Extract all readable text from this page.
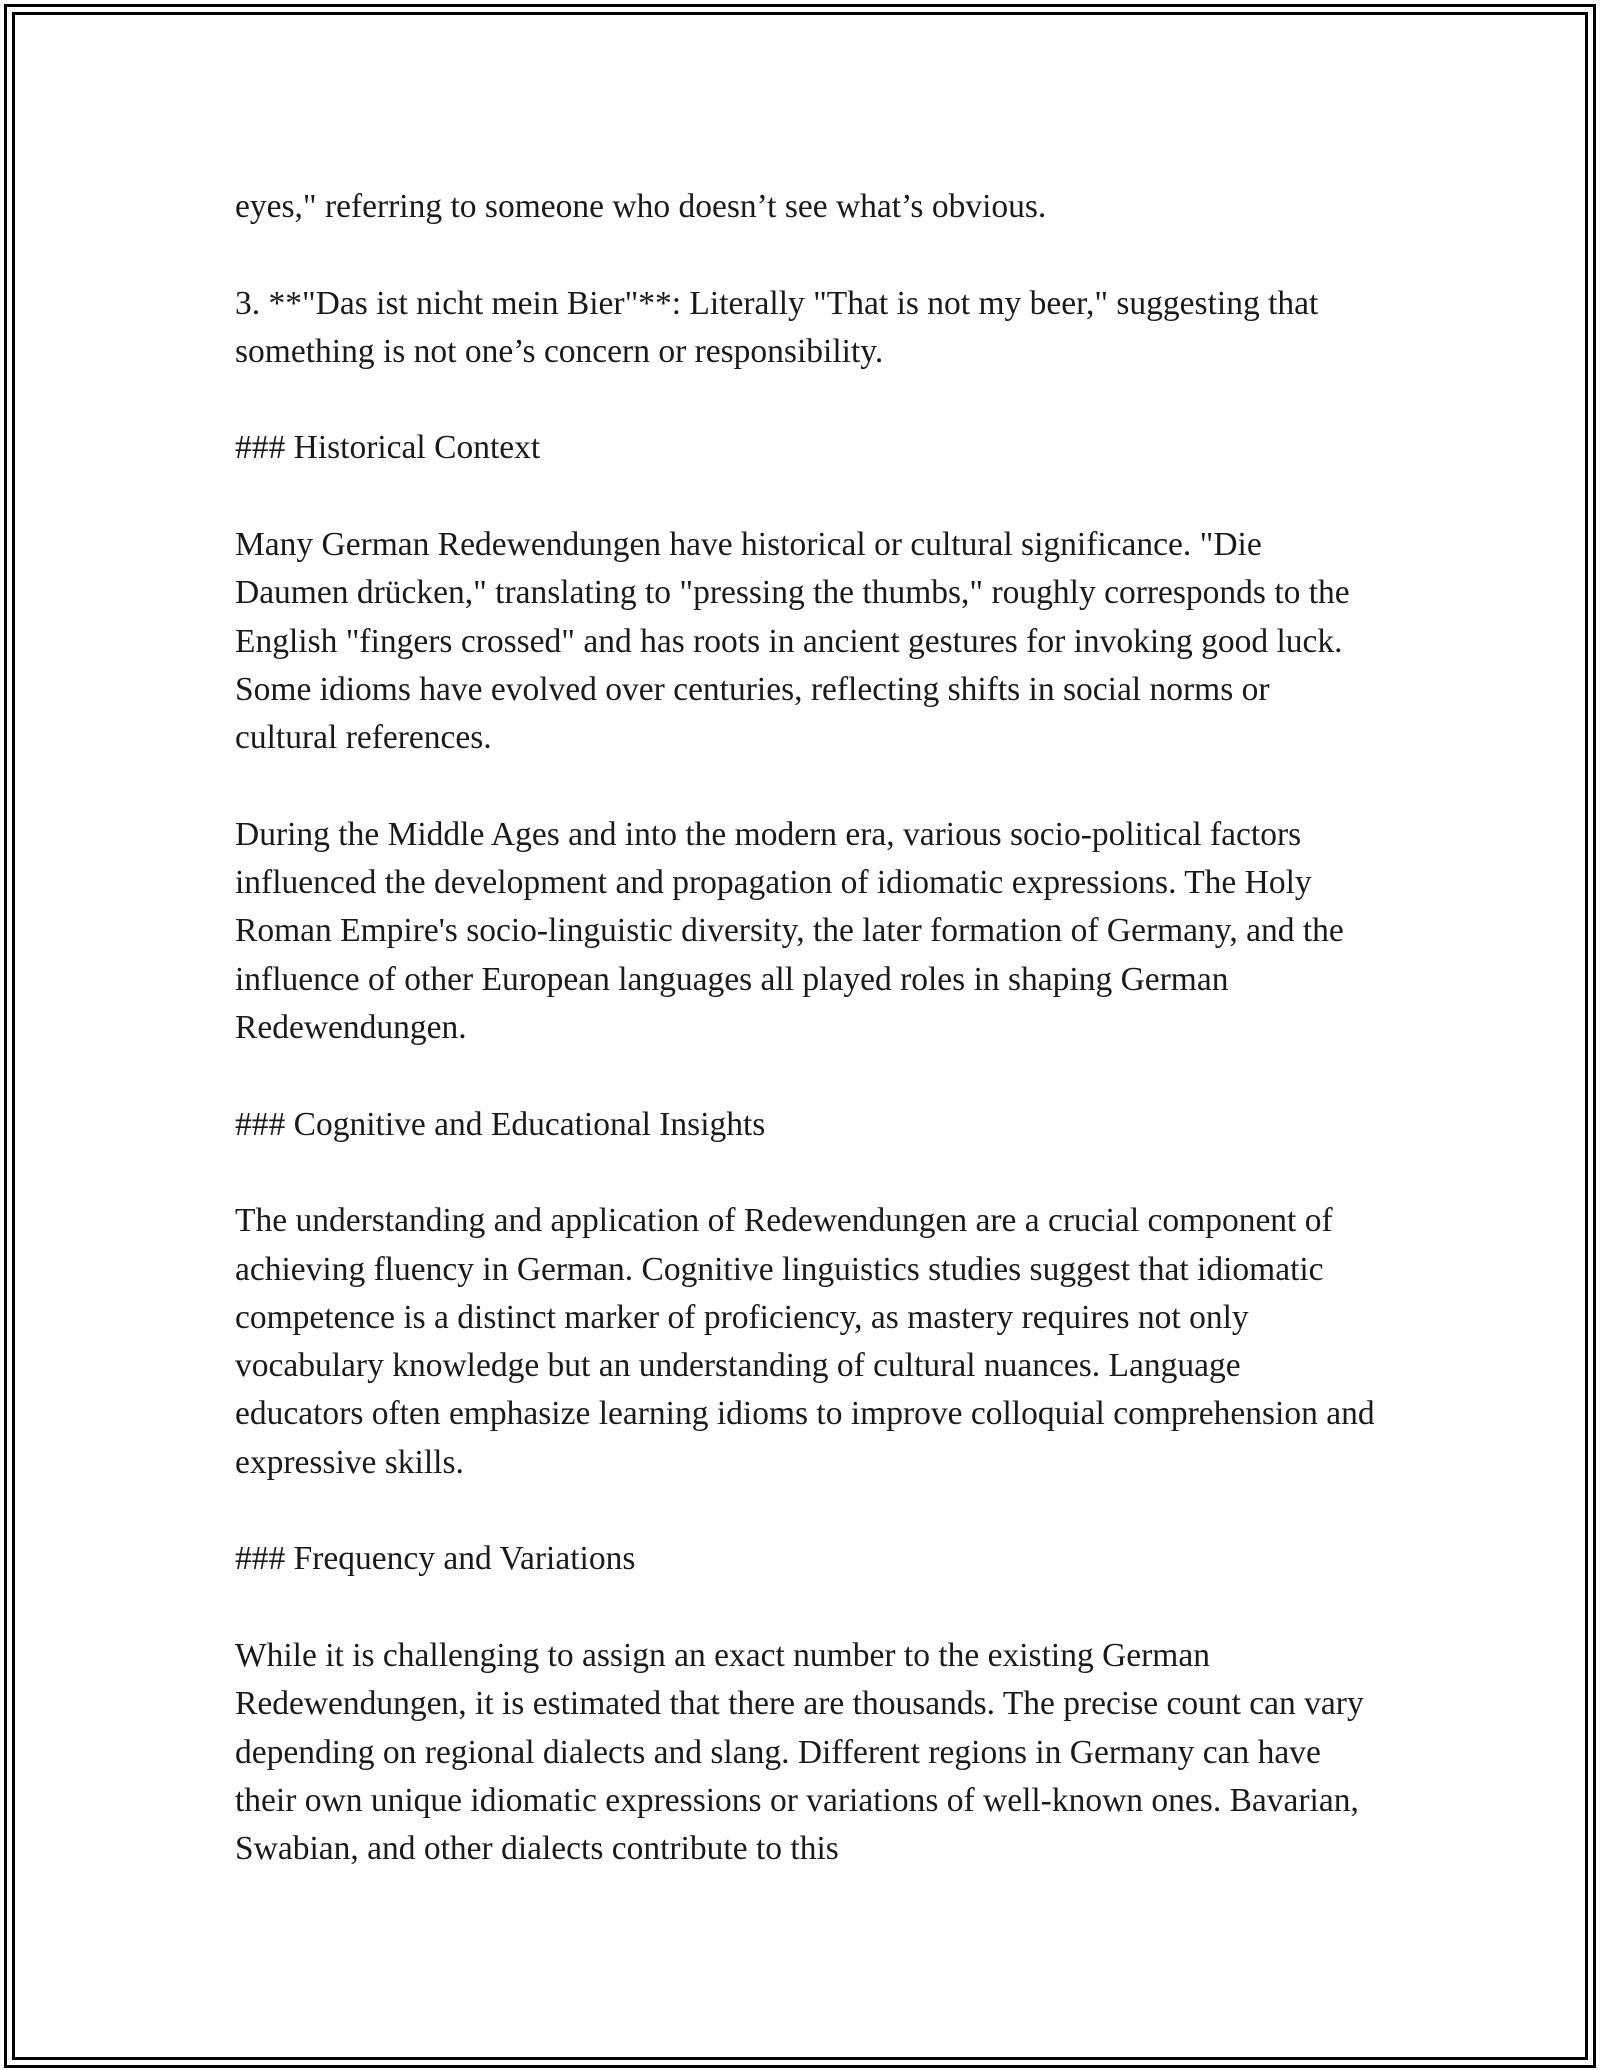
eyes," referring to someone who doesn’t see what’s obvious.

3. **"Das ist nicht mein Bier"**: Literally "That is not my beer," suggesting that something is not one’s concern or responsibility.

### Historical Context

Many German Redewendungen have historical or cultural significance. "Die Daumen drücken," translating to "pressing the thumbs," roughly corresponds to the English "fingers crossed" and has roots in ancient gestures for invoking good luck. Some idioms have evolved over centuries, reflecting shifts in social norms or cultural references.

During the Middle Ages and into the modern era, various socio-political factors influenced the development and propagation of idiomatic expressions. The Holy Roman Empire's socio-linguistic diversity, the later formation of Germany, and the influence of other European languages all played roles in shaping German Redewendungen.

### Cognitive and Educational Insights

The understanding and application of Redewendungen are a crucial component of achieving fluency in German. Cognitive linguistics studies suggest that idiomatic competence is a distinct marker of proficiency, as mastery requires not only vocabulary knowledge but an understanding of cultural nuances. Language educators often emphasize learning idioms to improve colloquial comprehension and expressive skills.

### Frequency and Variations

While it is challenging to assign an exact number to the existing German Redewendungen, it is estimated that there are thousands. The precise count can vary depending on regional dialects and slang. Different regions in Germany can have their own unique idiomatic expressions or variations of well-known ones. Bavarian, Swabian, and other dialects contribute to this
